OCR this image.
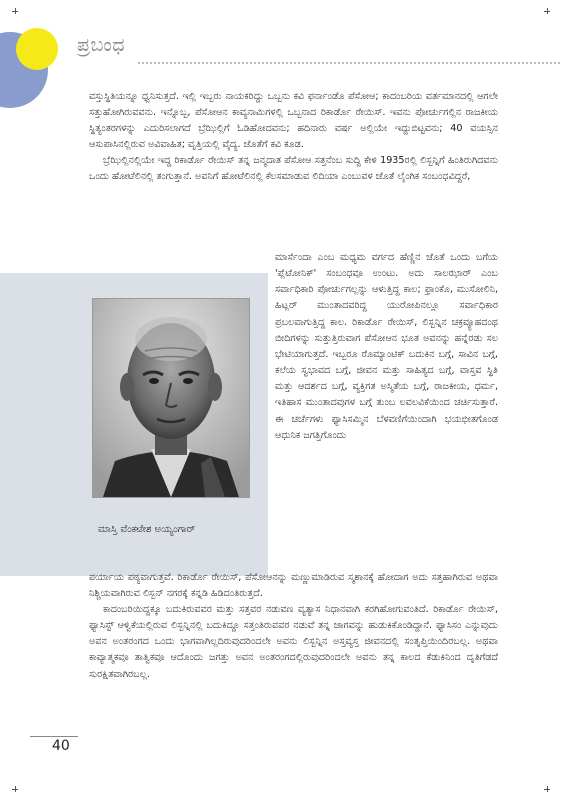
ಪ್ರಬಂಧ

ವಸ್ತುಸ್ಥಿತಿಯನ್ನೂ ಧ್ವನಿಸುತ್ತದೆ. ಇಲ್ಲಿ ಇಬ್ಬರು ನಾಯಕರಿದ್ದು ಒಬ್ಬನು ಕವಿ ಫರ್ನಾಂಡೊ ಪೆಸೋಆ; ಕಾದಂಬರಿಯ ವರ್ತಮಾನದಲ್ಲಿ ಆಗಲೇ ಸತ್ತುಹೋಗಿರುವವನು. ಇನ್ನೊಬ್ಬ, ಪೆಸೋಆನ ಕಾವ್ಯನಾಮಿಗಳಲ್ಲಿ ಒಬ್ಬನಾದ ರಿಕಾರ್ಡೊ ರೇಯಿಸ್. ಇವನು ಪೋರ್ಚುಗಲ್ಲಿನ ರಾಜಕೀಯ ಸ್ಥಿತ್ಯಂತರಗಳನ್ನು ಎದುರಿಸಲಾಗದೆ ಬ್ರೆಝಿಲ್ಲಿಗೆ ಓಡಿಹೋದವನು; ಹದಿನಾರು ವರ್ಷ ಅಲ್ಲಿಯೇ ಇದ್ದುಬಿಟ್ಟವನು; 40 ವಯಸ್ಸಿನ ಆಸುಪಾಸಿನಲ್ಲಿರುವ ಅವಿವಾಹಿತ; ವೃತ್ತಿಯಲ್ಲಿ ವೈದ್ಯ. ಜೊತೆಗೆ ಕವಿ ಕೂಡ.

ಬ್ರೆಝಿಲ್ಲಿನಲ್ಲಿಯೇ ಇದ್ದ ರಿಕಾರ್ಡೊ ರೇಯಿಸ್ ತನ್ನ ಜನ್ಮದಾತ ಪೆಸೋಆ ಸತ್ತನೆಂಬ ಸುದ್ದಿ ಕೇಳಿ 1935ರಲ್ಲಿ ಲಿಸ್ಬನ್ನಿಗೆ ಹಿಂತಿರುಗಿದವನು ಒಂದು ಹೋಟೆಲಿನಲ್ಲಿ ತಂಗುತ್ತಾನೆ. ಅವನಿಗೆ ಹೋಟೆಲಿನಲ್ಲಿ ಕೆಲಸಮಾಡುವ ಲಿದಿಯಾ ಎಂಬುವಳ ಜೊತೆ ಲೈಂಗಿಕ ಸಂಬಂಧವಿದ್ದರೆ,

ಮಾಸ್ತಿ ವೆಂಕಟೇಶ ಅಯ್ಯಂಗಾರ್

ಮಾರ್ಸೆಂದಾ ಎಂಬ ಮಧ್ಯಮ ವರ್ಗದ ಹೆಣ್ಣಿನ ಜೊತೆ ಒಂದು ಬಗೆಯ 'ಪ್ಲೆಟೋನಿಕ್' ಸಂಬಂಧವೂ ಉಂಟು. ಅದು ಸಾಲಝಾರ್ ಎಂಬ ಸರ್ವಾಧಿಕಾರಿ ಪೋರ್ಚುಗಲ್ಲನ್ನು ಆಳುತ್ತಿದ್ದ ಕಾಲ; ಫ್ರಾಂಕೊ, ಮುಸೋಲಿನಿ, ಹಿಟ್ಲರ್ ಮುಂತಾದವರಿದ್ದ ಯುರೋಪಿನಲ್ಲೂ ಸರ್ವಾಧಿಕಾರ ಪ್ರಬಲವಾಗುತ್ತಿದ್ದ ಕಾಲ. ರಿಕಾರ್ಡೊ ರೇಯಿಸ್, ಲಿಸ್ಬನ್ನಿನ ಚಕ್ರವ್ಯೂಹದಂಥ ಬೀದಿಗಳನ್ನು ಸುತ್ತುತ್ತಿರುವಾಗ ಪೆಸೋಆನ ಭೂತ ಅವನನ್ನು ಹನ್ನೆರಡು ಸಲ ಭೇಟಿಯಾಗುತ್ತದೆ. ಇಬ್ಬರೂ ರೊಮ್ಯಾಂಟಿಕ್ ಬದುಕಿನ ಬಗ್ಗೆ, ಸಾವಿನ ಬಗ್ಗೆ, ಕಲೆಯ ಸ್ವಭಾವದ ಬಗ್ಗೆ, ಜೀವನ ಮತ್ತು ಸಾಹಿತ್ಯದ ಬಗ್ಗೆ, ವಾಸ್ತವ ಸ್ಥಿತಿ ಮತ್ತು ಆದರ್ಶದ ಬಗ್ಗೆ, ವ್ಯಕ್ತಿಗತ ಅಸ್ಮಿತೆಯ ಬಗ್ಗೆ, ರಾಜಕೀಯ, ಧರ್ಮ, ಇತಿಹಾಸ ಮುಂತಾದವುಗಳ ಬಗ್ಗೆ ತುಂಬ ಲವಲವಿಕೆಯಿಂದ ಚರ್ಚಿಸುತ್ತಾರೆ. ಈ ಚರ್ಚೆಗಳು ಫ್ಯಾಸಿಸಮ್ಮಿನ ಬೆಳವಣಿಗೆಯಿಂದಾಗಿ ಭಯಭೀತಗೊಂಡ ಆಧುನಿಕ ಜಗತ್ತಿಗೊಂದು

ಪರ್ಯಾಯ ಪಠ್ಯವಾಗುತ್ತವೆ. ರಿಕಾರ್ಡೊ ರೇಯಿಸ್, ಪೆಸೋಆನನ್ನು ಮಣ್ಣುಮಾಡಿರುವ ಸ್ಮಶಾನಕ್ಕೆ ಹೋದಾಗ ಅದು ಸತ್ತಹಾಗಿರುವ ಅಥವಾ ನಿಶ್ಚಿಯವಾಗಿರುವ ಲಿಸ್ಬನ್ ನಗರಕ್ಕೆ ಕನ್ನಡಿ ಹಿಡಿದಂತಿರುತ್ತದೆ.

ಕಾದಂಬರಿಯಿದ್ದಕ್ಕೂ ಬದುಕಿರುವವರ ಮತ್ತು ಸತ್ತವರ ನಡುವಣ ವ್ಯತ್ಯಾಸ ನಿಧಾನವಾಗಿ ಕರಗಿಹೋಗುವಂತಿದೆ. ರಿಕಾರ್ಡೊ ರೇಯಿಸ್, ಫ್ಯಾಸಿಸ್ಟ್ ಆಳ್ವಿಕೆಯಲ್ಲಿರುವ ಲಿಸ್ಬನ್ನಿನಲ್ಲಿ ಬದುಕಿದ್ದೂ ಸತ್ತಂತಿರುವವರ ನಡುವೆ ತನ್ನ ಜಾಗವನ್ನು ಹುಡುಕಿಕೊಂಡಿದ್ದಾನೆ. ಫ್ಯಾಸಿಸಂ ಎನ್ನುವುದು ಅವನ ಅಂತರಂಗದ ಒಂದು ಭಾಗವಾಗಿಲ್ಲದಿರುವುದರಿಂದಲೇ ಅವನು ಲಿಸ್ಬನ್ನಿನ ಅಸ್ತವ್ಯಸ್ತ ಜೀವನದಲ್ಲಿ ಸಂತೃಪ್ತಿಯಿಂದಿರಬಲ್ಲ. ಅಥವಾ ಕಾವ್ಯಾತ್ಮಕವೂ ತಾತ್ವಿಕವೂ ಆದೊಂದು ಜಗತ್ತು ಅವನ ಅಂತರಂಗದಲ್ಲಿರುವುದರಿಂದಲೇ ಅವನು ತನ್ನ ಕಾಲದ ಕೆಡುಕಿನಿಂದ ದೃತಿಗೆಡದೆ ಸುರಕ್ಷಿತವಾಗಿರಬಲ್ಲ.

40
